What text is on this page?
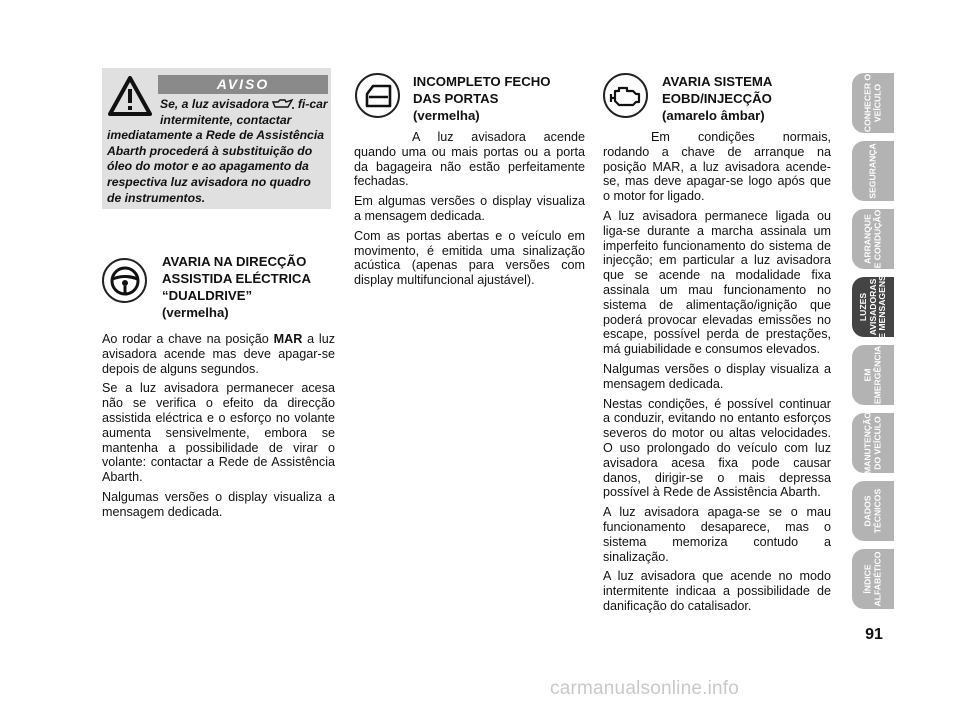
AVISO

Se, a luz avisadora fi-car intermitente, contactar

imediatamente a Rede de Assistência Abarth procederá à substituição do óleo do motor e ao apagamento da respectiva luz avisadora no quadro de instrumentos.

AVARIA NA DIRECÇÃO
ASSISTIDA ELÉCTRICA
“DUALDRIVE”
(vermelha)

Ao rodar a chave na posição MAR a luz avisadora acende mas deve apagar-se depois de alguns segundos.

Se a luz avisadora permanecer acesa não se verifica o efeito da direcção assistida eléctrica e o esforço no volante aumenta sensivelmente, embora se mantenha a possibilidade de virar o volante: contactar a Rede de Assistência Abarth.

Nalgumas versões o display visualiza a mensagem dedicada.

INCOMPLETO FECHO
DAS PORTAS
(vermelha)

A luz avisadora acende quando uma ou mais portas ou a porta da bagageira não estão perfeitamente fechadas.

Em algumas versões o display visualiza a mensagem dedicada.

Com as portas abertas e o veículo em movimento, é emitida uma sinalização acústica (apenas para versões com display multifuncional ajustável).

AVARIA SISTEMA
EOBD/INJECÇÃO
(amarelo âmbar)

Em condições normais, rodando a chave de arranque na posição MAR, a luz avisadora acende-se, mas deve apagar-se logo após que o motor for ligado.

A luz avisadora permanece ligada ou liga-se durante a marcha assinala um imperfeito funcionamento do sistema de injecção; em particular a luz avisadora que se acende na modalidade fixa assinala um mau funcionamento no sistema de alimentação/ignição que poderá provocar elevadas emissões no escape, possível perda de prestações, má guiabilidade e consumos elevados.

Nalgumas versões o display visualiza a mensagem dedicada.

Nestas condições, é possível continuar a conduzir, evitando no entanto esforços severos do motor ou altas velocidades. O uso prolongado do veículo com luz avisadora acesa fixa pode causar danos, dirigir-se o mais depressa possível à Rede de Assistência Abarth.

A luz avisadora apaga-se se o mau funcionamento desaparece, mas o sistema memoriza contudo a sinalização.

A luz avisadora que acende no modo intermitente indicaa a possibilidade de danificação do catalisador.

CONHECER O
VEÍCULO
SEGURANÇA
ARRANQUE
E CONDUÇÃO
LUZES
AVISADORAS
E MENSAGENS
EM
EMERGÊNCIA
MANUTENÇÃO
DO VEÍCULO
DADOS
TÉCNICOS
ÍNDICE
ALFABÉTICO
91
carmanualsonline.info
